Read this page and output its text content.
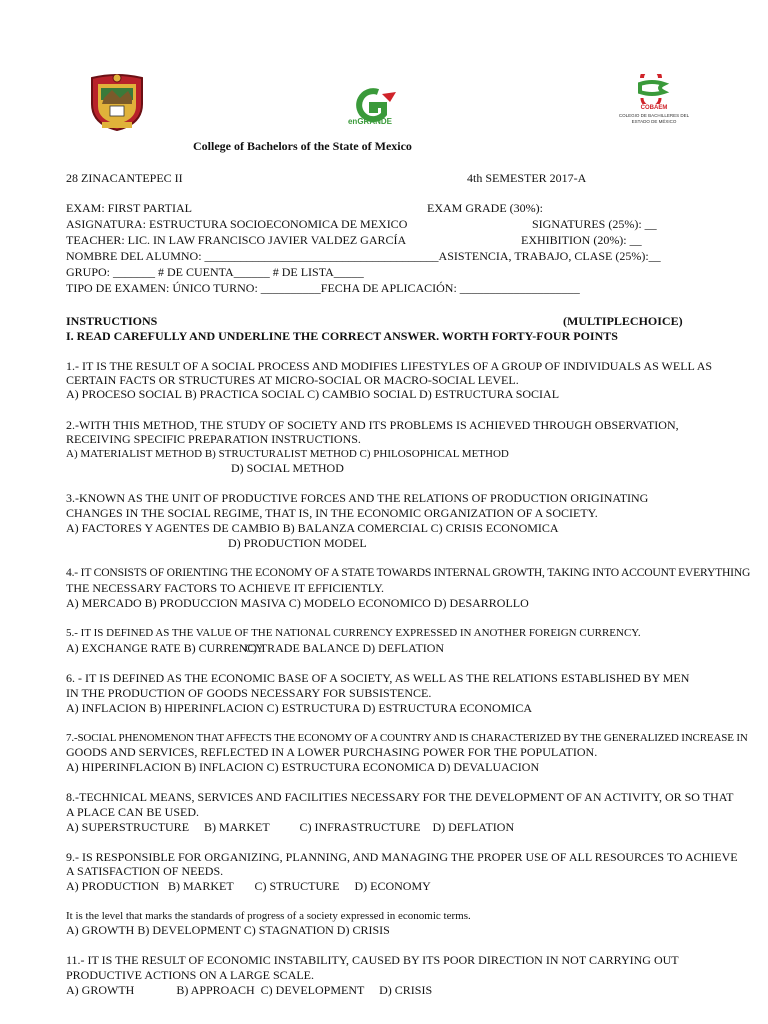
enGRANDE
COBAEM
COLEGIO DE BACHILLERES DEL ESTADO DE MÉXICO
College of Bachelors of the State of Mexico
28 ZINACANTEPEC II	4th SEMESTER 2017-A
EXAM: FIRST PARTIAL	EXAM GRADE (30%):
ASIGNATURA: ESTRUCTURA SOCIOECONOMICA DE MEXICO	SIGNATURES (25%): __
TEACHER: LIC. IN LAW FRANCISCO JAVIER VALDEZ GARCÍA	EXHIBITION (20%): __
NOMBRE DEL ALUMNO: _______________________________________ASISTENCIA, TRABAJO, CLASE (25%):__
GRUPO: _______ # DE CUENTA______ # DE LISTA_____
TIPO DE EXAMEN: ÚNICO TURNO: __________FECHA DE APLICACIÓN: ____________________
INSTRUCTIONS	(MULTIPLECHOICE)
I. READ CAREFULLY AND UNDERLINE THE CORRECT ANSWER. WORTH FORTY-FOUR POINTS
1.- IT IS THE RESULT OF A SOCIAL PROCESS AND MODIFIES LIFESTYLES OF A GROUP OF INDIVIDUALS AS WELL AS
CERTAIN FACTS OR STRUCTURES AT MICRO-SOCIAL OR MACRO-SOCIAL LEVEL.
A) PROCESO SOCIAL B) PRACTICA SOCIAL C) CAMBIO SOCIAL D) ESTRUCTURA SOCIAL
2.-WITH THIS METHOD, THE STUDY OF SOCIETY AND ITS PROBLEMS IS ACHIEVED THROUGH OBSERVATION,
RECEIVING SPECIFIC PREPARATION INSTRUCTIONS.
A) MATERIALIST METHOD B) STRUCTURALIST METHOD C) PHILOSOPHICAL METHOD
D) SOCIAL METHOD
3.-KNOWN AS THE UNIT OF PRODUCTIVE FORCES AND THE RELATIONS OF PRODUCTION ORIGINATING
CHANGES IN THE SOCIAL REGIME, THAT IS, IN THE ECONOMIC ORGANIZATION OF A SOCIETY.
A) FACTORES Y AGENTES DE CAMBIO B) BALANZA COMERCIAL C) CRISIS ECONOMICA
D) PRODUCTION MODEL
4.- IT CONSISTS OF ORIENTING THE ECONOMY OF A STATE TOWARDS INTERNAL GROWTH, TAKING INTO ACCOUNT EVERYTHING
THE NECESSARY FACTORS TO ACHIEVE IT EFFICIENTLY.
A) MERCADO B) PRODUCCION MASIVA C) MODELO ECONOMICO D) DESARROLLO
5.- IT IS DEFINED AS THE VALUE OF THE NATIONAL CURRENCY EXPRESSED IN ANOTHER FOREIGN CURRENCY.
A) EXCHANGE RATE B) CURRENCY
C) TRADE BALANCE D) DEFLATION
6. - IT IS DEFINED AS THE ECONOMIC BASE OF A SOCIETY, AS WELL AS THE RELATIONS ESTABLISHED BY MEN
IN THE PRODUCTION OF GOODS NECESSARY FOR SUBSISTENCE.
A) INFLACION B) HIPERINFLACION C) ESTRUCTURA D) ESTRUCTURA ECONOMICA
7.-SOCIAL PHENOMENON THAT AFFECTS THE ECONOMY OF A COUNTRY AND IS CHARACTERIZED BY THE GENERALIZED INCREASE IN
GOODS AND SERVICES, REFLECTED IN A LOWER PURCHASING POWER FOR THE POPULATION.
A) HIPERINFLACION B) INFLACION C) ESTRUCTURA ECONOMICA D) DEVALUACION
8.-TECHNICAL MEANS, SERVICES AND FACILITIES NECESSARY FOR THE DEVELOPMENT OF AN ACTIVITY, OR SO THAT
A PLACE CAN BE USED.
A) SUPERSTRUCTURE     B) MARKET          C) INFRASTRUCTURE    D) DEFLATION
9.- IS RESPONSIBLE FOR ORGANIZING, PLANNING, AND MANAGING THE PROPER USE OF ALL RESOURCES TO ACHIEVE
A SATISFACTION OF NEEDS.
A) PRODUCTION   B) MARKET       C) STRUCTURE     D) ECONOMY
It is the level that marks the standards of progress of a society expressed in economic terms.
A) GROWTH B) DEVELOPMENT C) STAGNATION D) CRISIS
11.- IT IS THE RESULT OF ECONOMIC INSTABILITY, CAUSED BY ITS POOR DIRECTION IN NOT CARRYING OUT
PRODUCTIVE ACTIONS ON A LARGE SCALE.
A) GROWTH              B) APPROACH  C) DEVELOPMENT     D) CRISIS
